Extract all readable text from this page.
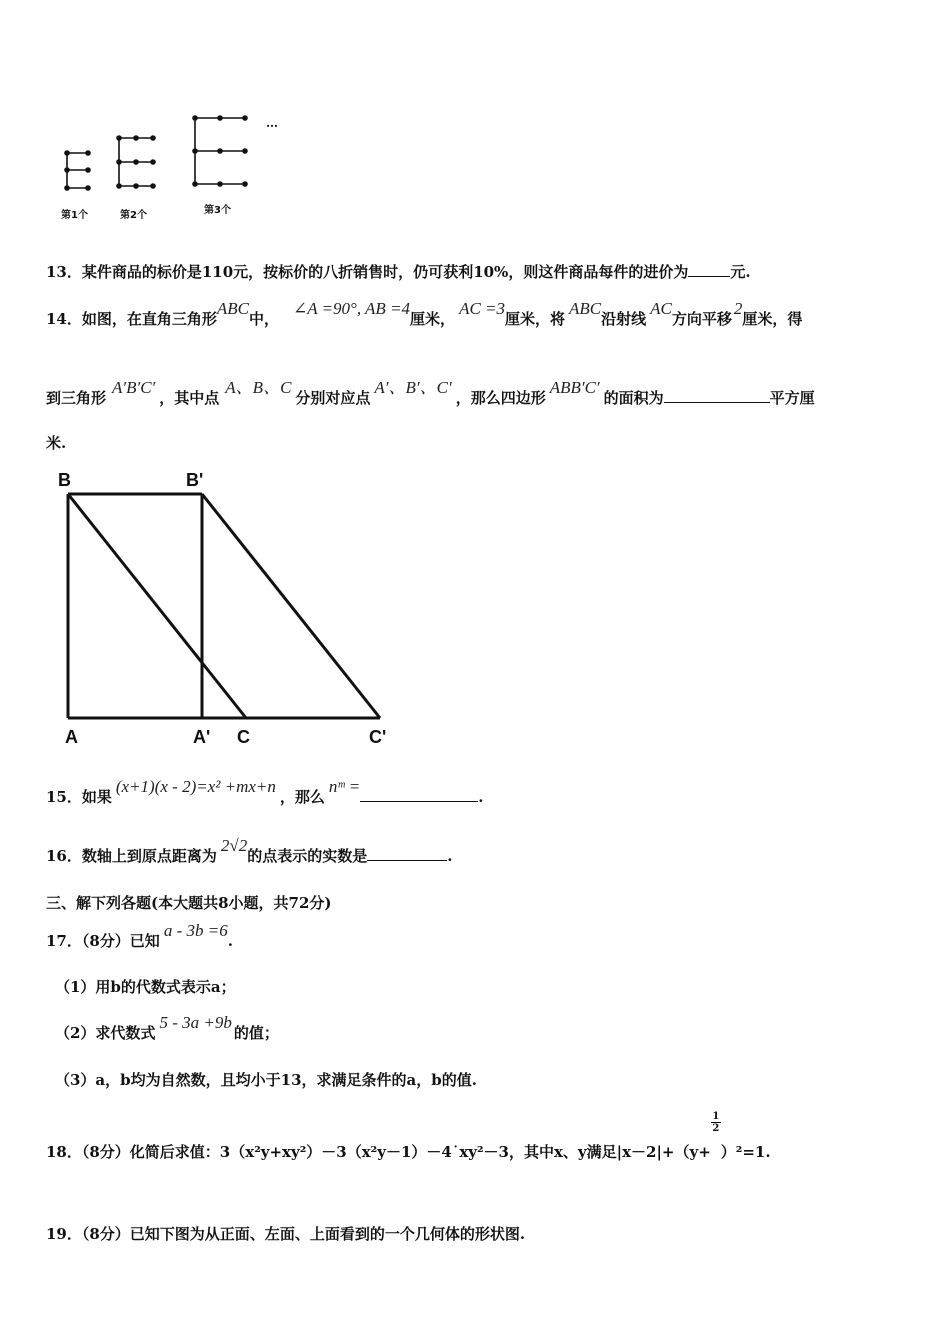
…
第1个	第2个	第3个
13．某件商品的标价是110元，按标价的八折销售时，仍可获利10%，则这件商品每件的进价为	元.
14．如图，在直角三角形ABC中，∠A =90°, AB =4厘米，AC =3厘米，将ABC沿射线AC方向平移2厘米，得
到三角形A′B′C′，其中点A、B、C分别对应点A′、B′、C′，那么四边形ABB′C′的面积为	平方厘
米.
B	B'
A	A' C	C'
15．如果(x+1)(x - 2)=x² +mx+n，那么nᵐ =.
16．数轴上到原点距离为2√2的点表示的实数是	.
三、解下列各题(本大题共8小题，共72分)
17．（8分）已知a - 3b =6.
（1）用b的代数式表示a；
（2）求代数式5 - 3a +9b的值；
（3）a，b均为自然数，且均小于13，求满足条件的a，b的值.
18．（8分）化简后求值：3（x²y+xy²）－3（x²y－1）－4˙xy²－3，其中x、y满足|x－2|+（y+
$\frac{1}{2}$
）²=1.
19．（8分）已知下图为从正面、左面、上面看到的一个几何体的形状图.
